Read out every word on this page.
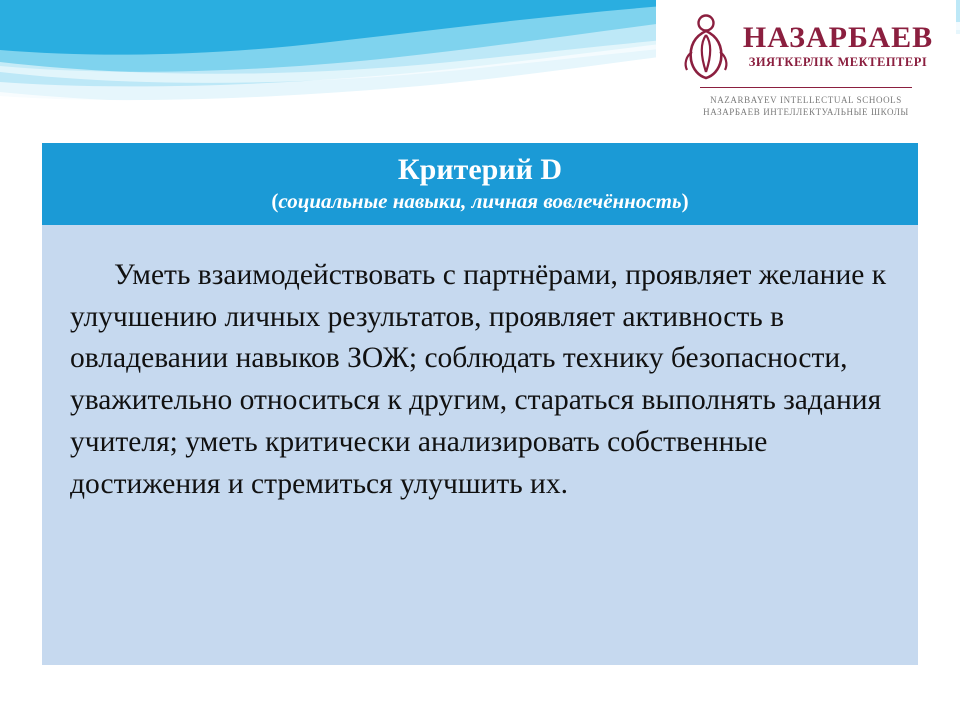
НАЗАРБАЕВ
ЗИЯТКЕРЛІК МЕКТЕПТЕРІ
NAZARBAYEV INTELLECTUAL SCHOOLS
НАЗАРБАЕВ ИНТЕЛЛЕКТУАЛЬНЫЕ ШКОЛЫ
Критерий D
(социальные навыки, личная вовлечённость)

Уметь взаимодействовать с партнёрами, проявляет желание к улучшению личных результатов, проявляет активность в овладевании навыков ЗОЖ; соблюдать технику безопасности, уважительно относиться к другим, стараться выполнять задания учителя; уметь критически анализировать собственные достижения и стремиться улучшить их.
